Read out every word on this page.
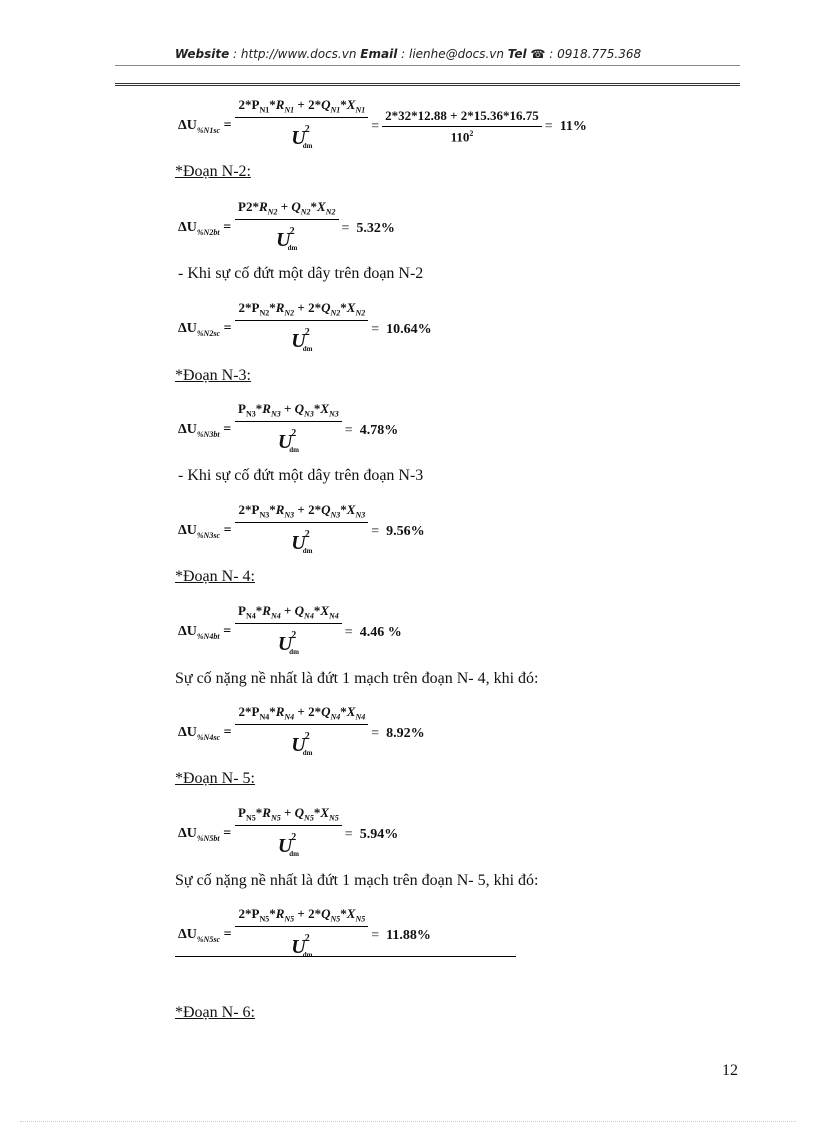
Website : http://www.docs.vn Email : lienhe@docs.vn Tel ☎ : 0918.775.368
$\Delta U_{\%N1sc} = \frac{2*P_{N1}*R_{N1} + 2*Q_{N1}*X_{N1}}{U^2_{dm}} = \frac{2*32*12.88 + 2*15.36*16.75}{110^2} = 11\%$
*Đoạn N-2:
$\Delta U_{\%N2bt} = \frac{P2*R_{N2} + Q_{N2}*X_{N2}}{U^2_{dm}} = 5.32\%$
- Khi sự cố đứt một dây trên đoạn N-2
$\Delta U_{\%N2sc} = \frac{2*P_{N2}*R_{N2} + 2*Q_{N2}*X_{N2}}{U^2_{dm}} = 10.64\%$
*Đoạn N-3:
$\Delta U_{\%N3bt} = \frac{P_{N3}*R_{N3} + Q_{N3}*X_{N3}}{U^2_{dm}} = 4.78\%$
- Khi sự cố đứt một dây trên đoạn N-3
$\Delta U_{\%N3sc} = \frac{2*P_{N3}*R_{N3} + 2*Q_{N3}*X_{N3}}{U^2_{dm}} = 9.56\%$
*Đoạn N- 4:
$\Delta U_{\%N4bt} = \frac{P_{N4}*R_{N4} + Q_{N4}*X_{N4}}{U^2_{dm}} = 4.46$ %
Sự cố nặng nề nhất là đứt 1 mạch trên đoạn N- 4, khi đó:
$\Delta U_{\%N4sc} = \frac{2*P_{N4}*R_{N4} + 2*Q_{N4}*X_{N4}}{U^2_{dm}} = 8.92\%$
*Đoạn N- 5:
$\Delta U_{\%N5bt} = \frac{P_{N5}*R_{N5} + Q_{N5}*X_{N5}}{U^2_{dm}} = 5.94\%$
Sự cố nặng nề nhất là đứt 1 mạch trên đoạn N- 5, khi đó:
$\Delta U_{\%N5sc} = \frac{2*P_{N5}*R_{N5} + 2*Q_{N5}*X_{N5}}{U^2_{dm}} = 11.88\%$
*Đoạn N- 6:
12
